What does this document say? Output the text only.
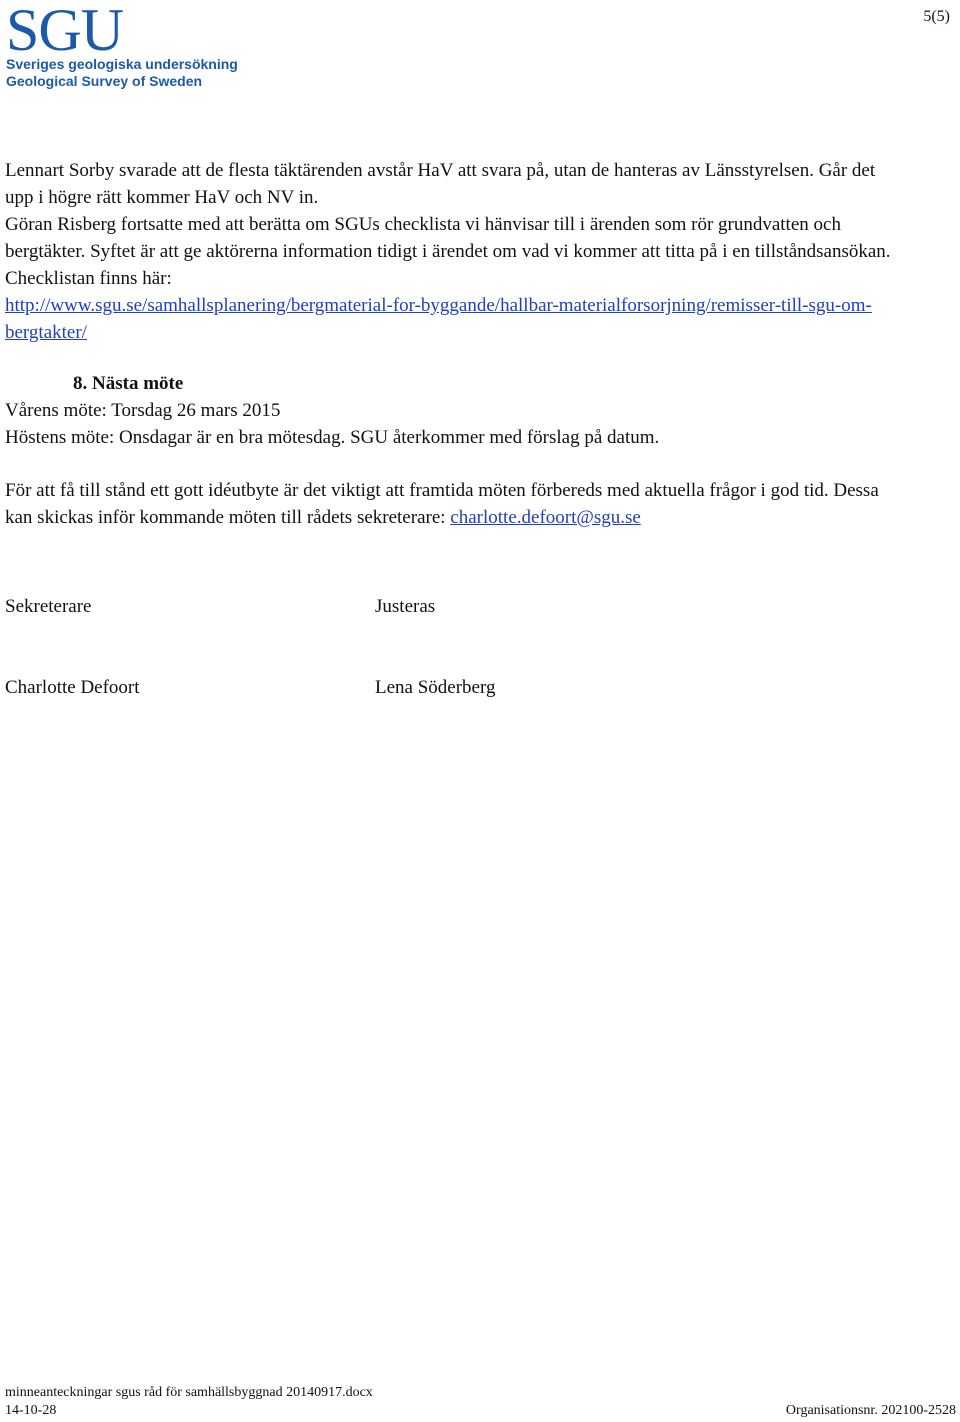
SGU
Sveriges geologiska undersökning
Geological Survey of Sweden
5(5)

Lennart Sorby svarade att de flesta täktärenden avstår HaV att svara på, utan de hanteras av Länsstyrelsen. Går det upp i högre rätt kommer HaV och NV in.

Göran Risberg fortsatte med att berätta om SGUs checklista vi hänvisar till i ärenden som rör grundvatten och bergtäkter. Syftet är att ge aktörerna information tidigt i ärendet om vad vi kommer att titta på i en tillståndsansökan. Checklistan finns här:
http://www.sgu.se/samhallsplanering/bergmaterial-for-byggande/hallbar-materialforsorjning/remisser-till-sgu-om-bergtakter/

8. Nästa möte

Vårens möte: Torsdag 26 mars 2015

Höstens möte: Onsdagar är en bra mötesdag. SGU återkommer med förslag på datum.

För att få till stånd ett gott idéutbyte är det viktigt att framtida möten förbereds med aktuella frågor i god tid. Dessa kan skickas inför kommande möten till rådets sekreterare: charlotte.defoort@sgu.se

Sekreterare	Justeras
Charlotte Defoort	Lena Söderberg
minneanteckningar sgus råd för samhällsbyggnad 20140917.docx
14-10-28	Organisationsnr. 202100-2528
